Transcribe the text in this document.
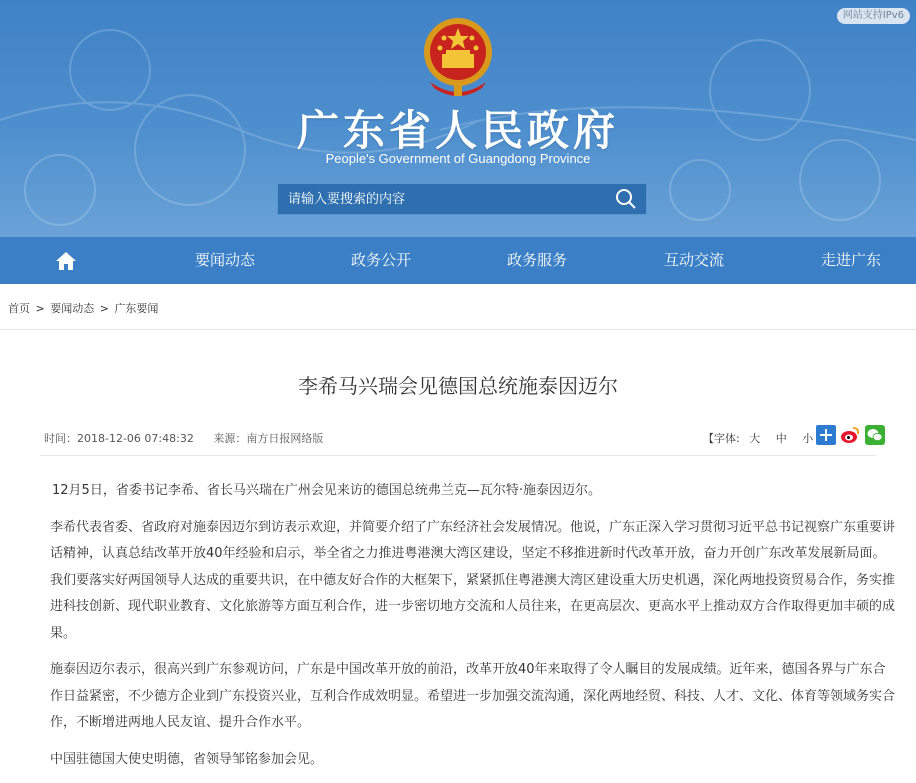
网站支持IPv6
广东省人民政府
People's Government of Guangdong Province
请输入要搜索的内容
要闻动态	政务公开	政务服务	互动交流	走进广东
首页 > 要闻动态 > 广东要闻
李希马兴瑞会见德国总统施泰因迈尔
时间：2018-12-06 07:48:32 来源：南方日报网络版	【字体: 大 中 小

12月5日，省委书记李希、省长马兴瑞在广州会见来访的德国总统弗兰克—瓦尔特·施泰因迈尔。

李希代表省委、省政府对施泰因迈尔到访表示欢迎，并简要介绍了广东经济社会发展情况。他说，广东正深入学习贯彻习近平总书记视察广东重要讲话精神，认真总结改革开放40年经验和启示，举全省之力推进粤港澳大湾区建设，坚定不移推进新时代改革开放，奋力开创广东改革发展新局面。我们要落实好两国领导人达成的重要共识，在中德友好合作的大框架下，紧紧抓住粤港澳大湾区建设重大历史机遇，深化两地投资贸易合作，务实推进科技创新、现代职业教育、文化旅游等方面互利合作，进一步密切地方交流和人员往来，在更高层次、更高水平上推动双方合作取得更加丰硕的成果。

施泰因迈尔表示，很高兴到广东参观访问，广东是中国改革开放的前沿，改革开放40年来取得了令人瞩目的发展成绩。近年来，德国各界与广东合作日益紧密，不少德方企业到广东投资兴业，互利合作成效明显。希望进一步加强交流沟通，深化两地经贸、科技、人才、文化、体育等领域务实合作，不断增进两地人民友谊、提升合作水平。

中国驻德国大使史明德，省领导邹铭参加会见。
